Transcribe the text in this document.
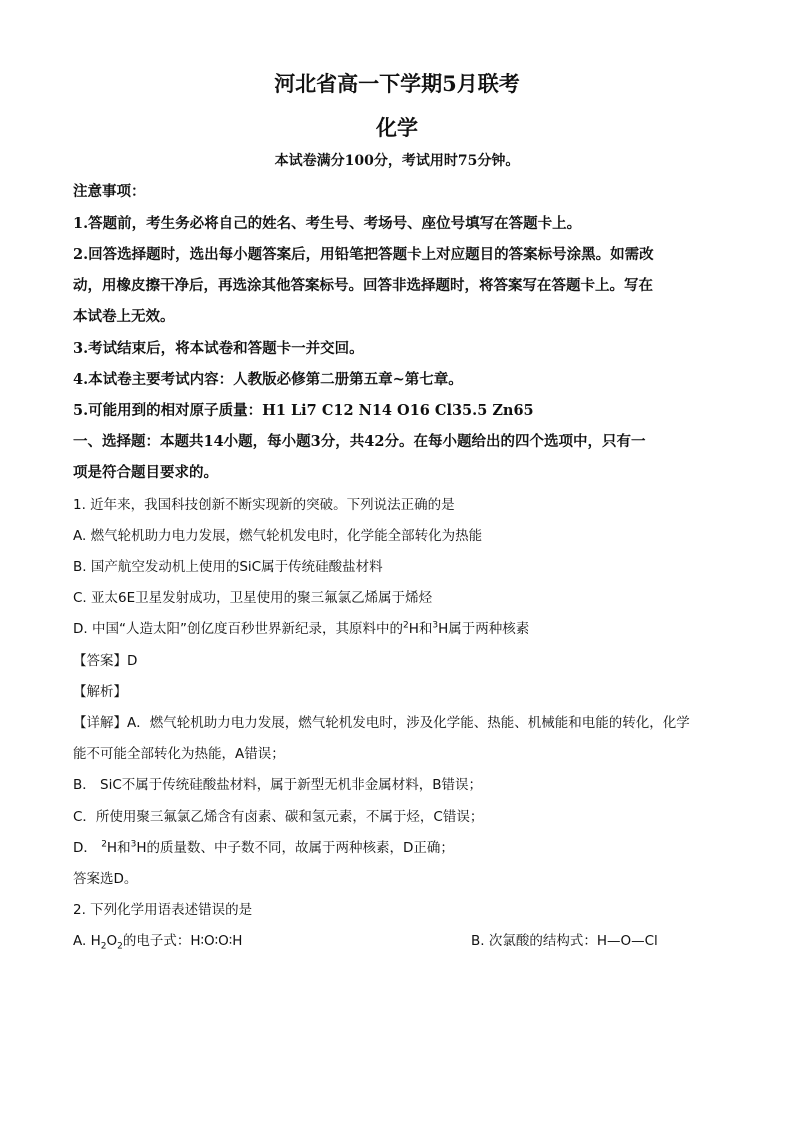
河北省高一下学期5月联考
化学
本试卷满分100分，考试用时75分钟。
注意事项：
1.答题前，考生务必将自己的姓名、考生号、考场号、座位号填写在答题卡上。
2.回答选择题时，选出每小题答案后，用铅笔把答题卡上对应题目的答案标号涂黑。如需改
动，用橡皮擦干净后，再选涂其他答案标号。回答非选择题时，将答案写在答题卡上。写在
本试卷上无效。
3.考试结束后，将本试卷和答题卡一并交回。
4.本试卷主要考试内容：人教版必修第二册第五章~第七章。
5.可能用到的相对原子质量：H1 Li7 C12 N14 O16 Cl35.5 Zn65
一、选择题：本题共14小题，每小题3分，共42分。在每小题给出的四个选项中，只有一
项是符合题目要求的。
1. 近年来，我国科技创新不断实现新的突破。下列说法正确的是
A. 燃气轮机助力电力发展，燃气轮机发电时，化学能全部转化为热能
B. 国产航空发动机上使用的SiC属于传统硅酸盐材料
C. 亚太6E卫星发射成功，卫星使用的聚三氟氯乙烯属于烯烃
D. 中国“人造太阳”创亿度百秒世界新纪录，其原料中的$^2$H和$^3$H属于两种核素
【答案】D
【解析】
【详解】A．燃气轮机助力电力发展，燃气轮机发电时，涉及化学能、热能、机械能和电能的转化，化学
能不可能全部转化为热能，A错误；
B． SiC不属于传统硅酸盐材料，属于新型无机非金属材料，B错误；
C．所使用聚三氟氯乙烯含有卤素、碳和氢元素，不属于烃，C错误；
D． $^2$H和$^3$H的质量数、中子数不同，故属于两种核素，D正确；
答案选D。
2. 下列化学用语表述错误的是
A. $H_2O_2$的电子式：H∶O∶O∶H	B. 次氯酸的结构式：H—O—Cl
